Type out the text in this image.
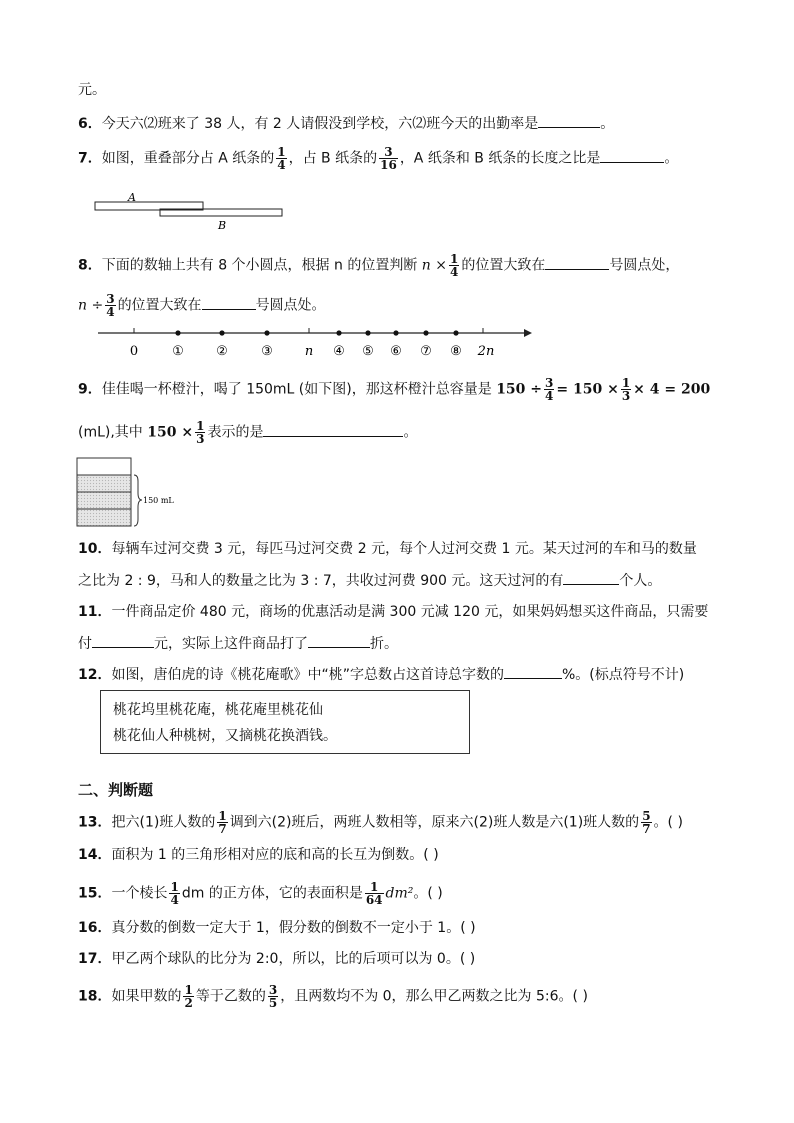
元。
6．今天六⑵班来了 38 人，有 2 人请假没到学校，六⑵班今天的出勤率是	。
7．如图，重叠部分占 A 纸条的 $\frac{1}{4}$ ，占 B 纸条的 $\frac{3}{16}$ ，A 纸条和 B 纸条的长度之比是	。
A
B
8．下面的数轴上共有 8 个小圆点，根据 n 的位置判断 $n \times \frac{1}{4}$ 的位置大致在	号圆点处，
$n \div \frac{3}{4}$ 的位置大致在	号圆点处。
0	① ②	③ n ④ ⑤ ⑥ ⑦ ⑧ 2n
9．佳佳喝一杯橙汁，喝了 150mL (如下图)，那这杯橙汁总容量是 $150 \div \frac{3}{4} = 150 \times \frac{1}{3} \times 4 = 200$
(mL),其中 $150 \times \frac{1}{3}$ 表示的是	。
150 mL
10．每辆车过河交费 3 元，每匹马过河交费 2 元，每个人过河交费 1 元。某天过河的车和马的数量
之比为 2 : 9，马和人的数量之比为 3 : 7，共收过河费 900 元。这天过河的有	个人。
11．一件商品定价 480 元，商场的优惠活动是满 300 元减 120 元，如果妈妈想买这件商品，只需要
付	元，实际上这件商品打了	折。
12．如图，唐伯虎的诗《桃花庵歌》中“桃”字总数占这首诗总字数的	%。(标点符号不计)
桃花坞里桃花庵，桃花庵里桃花仙
桃花仙人种桃树，又摘桃花换酒钱。
二、判断题
13．把六(1)班人数的 $\frac{1}{7}$ 调到六(2)班后，两班人数相等，原来六(2)班人数是六(1)班人数的 $\frac{5}{7}$ 。( )
14．面积为 1 的三角形相对应的底和高的长互为倒数。( )
15．一个棱长 $\frac{1}{4}$ dm 的正方体，它的表面积是 $\frac{1}{64} dm^2$。( )
16．真分数的倒数一定大于 1，假分数的倒数不一定小于 1。( )
17．甲乙两个球队的比分为 2:0，所以，比的后项可以为 0。( )
18．如果甲数的 $\frac{1}{2}$ 等于乙数的 $\frac{3}{5}$ ，且两数均不为 0，那么甲乙两数之比为 5:6。( )
